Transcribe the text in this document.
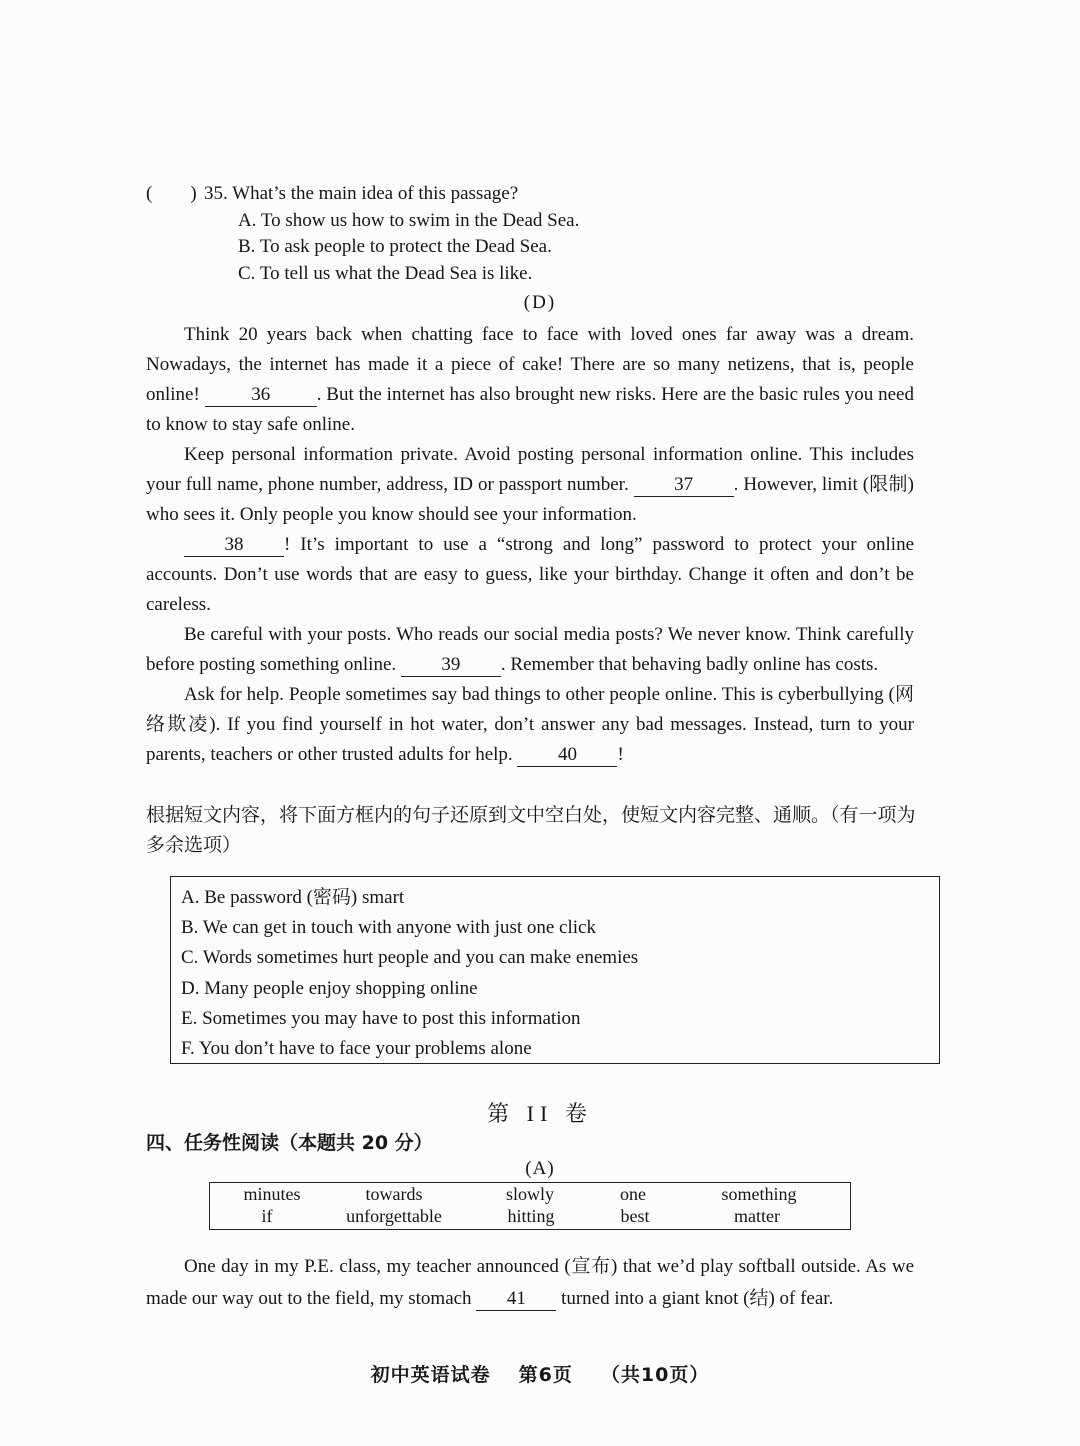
(　　) 35. What’s the main idea of this passage?
A. To show us how to swim in the Dead Sea.
B. To ask people to protect the Dead Sea.
C. To tell us what the Dead Sea is like.
(D)

Think 20 years back when chatting face to face with loved ones far away was a dream. Nowadays, the internet has made it a piece of cake! There are so many netizens, that is, people online!	36 . But the internet has also brought new risks. Here are the basic rules you need to know to stay safe online.

Keep personal information private. Avoid posting personal information online. This includes your full name, phone number, address, ID or passport number. 37 . However, limit (限制) who sees it. Only people you know should see your information.

38 ! It’s important to use a “strong and long” password to protect your online accounts. Don’t use words that are easy to guess, like your birthday. Change it often and don’t be careless.

Be careful with your posts. Who reads our social media posts? We never know. Think carefully before posting something online. 39 . Remember that behaving badly online has costs.

Ask for help. People sometimes say bad things to other people online. This is cyberbullying (网络欺凌). If you find yourself in hot water, don’t answer any bad messages. Instead, turn to your parents, teachers or other trusted adults for help. 40 !

根据短文内容，将下面方框内的句子还原到文中空白处，使短文内容完整、通顺。（有一项为多余选项）

A. Be password (密码) smart
B. We can get in touch with anyone with just one click
C. Words sometimes hurt people and you can make enemies
D. Many people enjoy shopping online
E. Sometimes you may have to post this information
F. You don’t have to face your problems alone
第 II 卷
四、任务性阅读（本题共 20 分）
(A)
minutes	towards	slowly	one	something
if	unforgettable	hitting	best	matter

One day in my P.E. class, my teacher announced (宣布) that we’d play softball outside. As we made our way out to the field, my stomach 41 turned into a giant knot (结) of fear.

初中英语试卷 第6页 （共10页）
